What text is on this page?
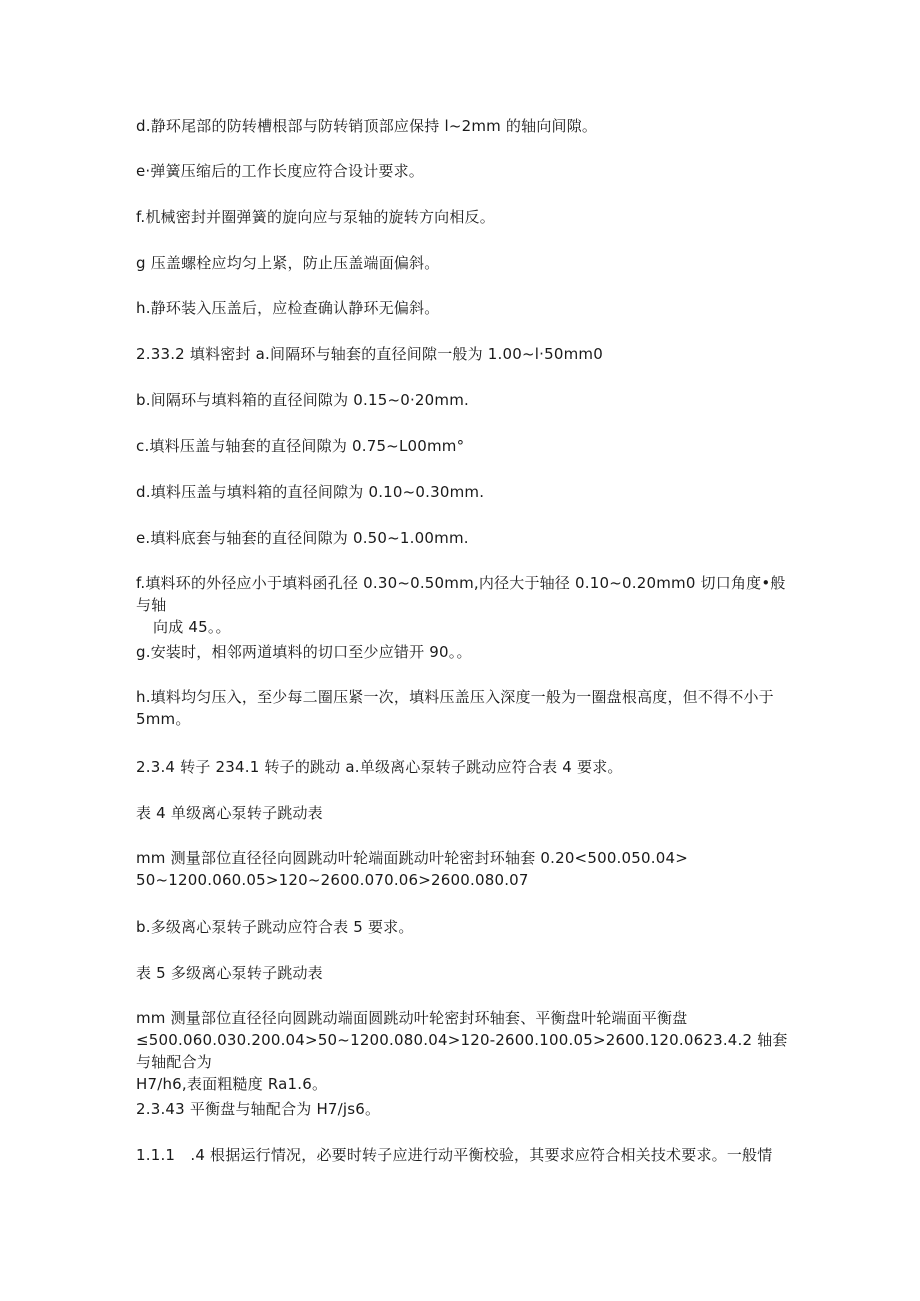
d.静环尾部的防转槽根部与防转销顶部应保持 l~2mm 的轴向间隙。

e·弹簧压缩后的工作长度应符合设计要求。

f.机械密封并圈弹簧的旋向应与泵轴的旋转方向相反。

g 压盖螺栓应均匀上紧，防止压盖端面偏斜。

h.静环装入压盖后，应检查确认静环无偏斜。

2.33.2 填料密封 a.间隔环与轴套的直径间隙一般为 1.00~l·50mm0

b.间隔环与填料箱的直径间隙为 0.15~0·20mm.

c.填料压盖与轴套的直径间隙为 0.75~L00mm°

d.填料压盖与填料箱的直径间隙为 0.10~0.30mm.

e.填料底套与轴套的直径间隙为 0.50~1.00mm.

f.填料环的外径应小于填料函孔径 0.30~0.50mm,内径大于轴径 0.10~0.20mm0 切口角度•般与轴
向成 45。。

g.安装时，相邻两道填料的切口至少应错开 90。。

h.填料均匀压入，至少每二圈压紧一次，填料压盖压入深度一般为一圈盘根高度，但不得不小于
5mm。

2.3.4 转子 234.1 转子的跳动 a.单级离心泵转子跳动应符合表 4 要求。

表 4 单级离心泵转子跳动表

mm 测量部位直径径向圆跳动叶轮端面跳动叶轮密封环轴套 0.20<500.050.04>
50~1200.060.05>120~2600.070.06>2600.080.07

b.多级离心泵转子跳动应符合表 5 要求。

表 5 多级离心泵转子跳动表

mm 测量部位直径径向圆跳动端面圆跳动叶轮密封环轴套、平衡盘叶轮端面平衡盘
≤500.060.030.200.04>50~1200.080.04>120-2600.100.05>2600.120.0623.4.2 轴套与轴配合为
H7∕h6,表面粗糙度 Ra1.6。

2.3.43 平衡盘与轴配合为 H7∕js6。

1.1.1　.4 根据运行情况，必要时转子应进行动平衡校验，其要求应符合相关技术要求。一般情
